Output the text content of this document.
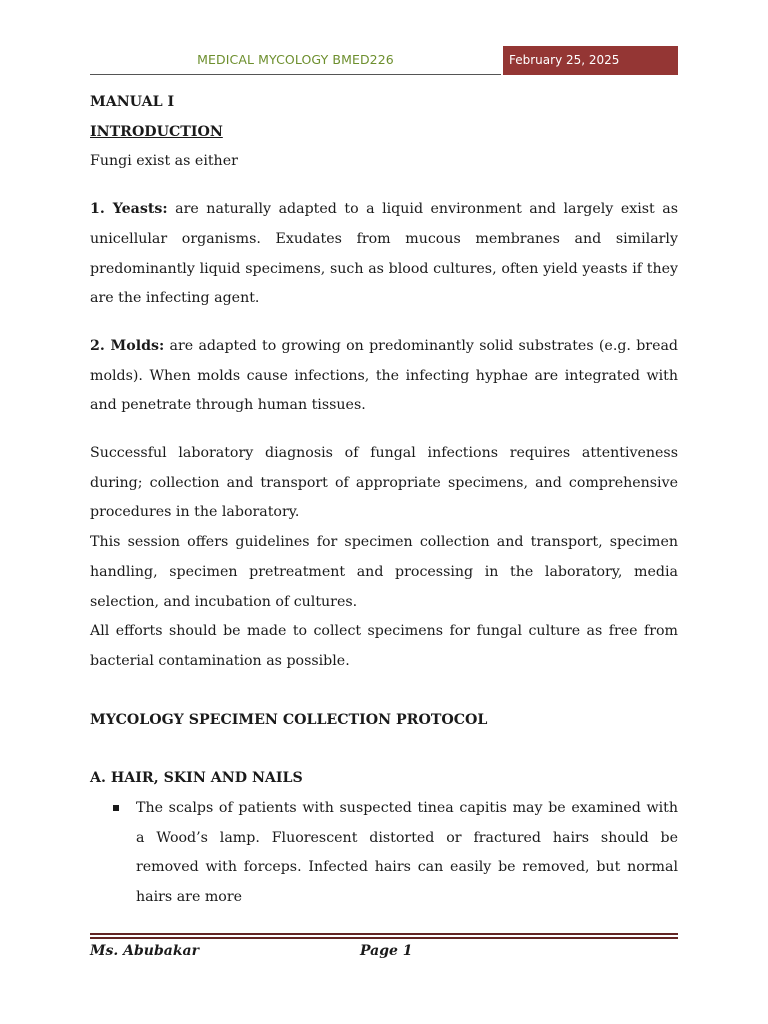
MEDICAL MYCOLOGY BMED226	February 25, 2025

MANUAL I

INTRODUCTION

Fungi exist as either

1. Yeasts: are naturally adapted to a liquid environment and largely exist as unicellular organisms. Exudates from mucous membranes and similarly predominantly liquid specimens, such as blood cultures, often yield yeasts if they are the infecting agent.

2. Molds: are adapted to growing on predominantly solid substrates (e.g. bread molds). When molds cause infections, the infecting hyphae are integrated with and penetrate through human tissues.

Successful laboratory diagnosis of fungal infections requires attentiveness during; collection and transport of appropriate specimens, and comprehensive procedures in the laboratory.

This session offers guidelines for specimen collection and transport, specimen handling, specimen pretreatment and processing in the laboratory, media selection, and incubation of cultures.

All efforts should be made to collect specimens for fungal culture as free from bacterial contamination as possible.

MYCOLOGY SPECIMEN COLLECTION PROTOCOL

A. HAIR, SKIN AND NAILS

The scalps of patients with suspected tinea capitis may be examined with a Wood’s lamp. Fluorescent distorted or fractured hairs should be removed with forceps. Infected hairs can easily be removed, but normal hairs are more
Ms. Abubakar	Page 1
